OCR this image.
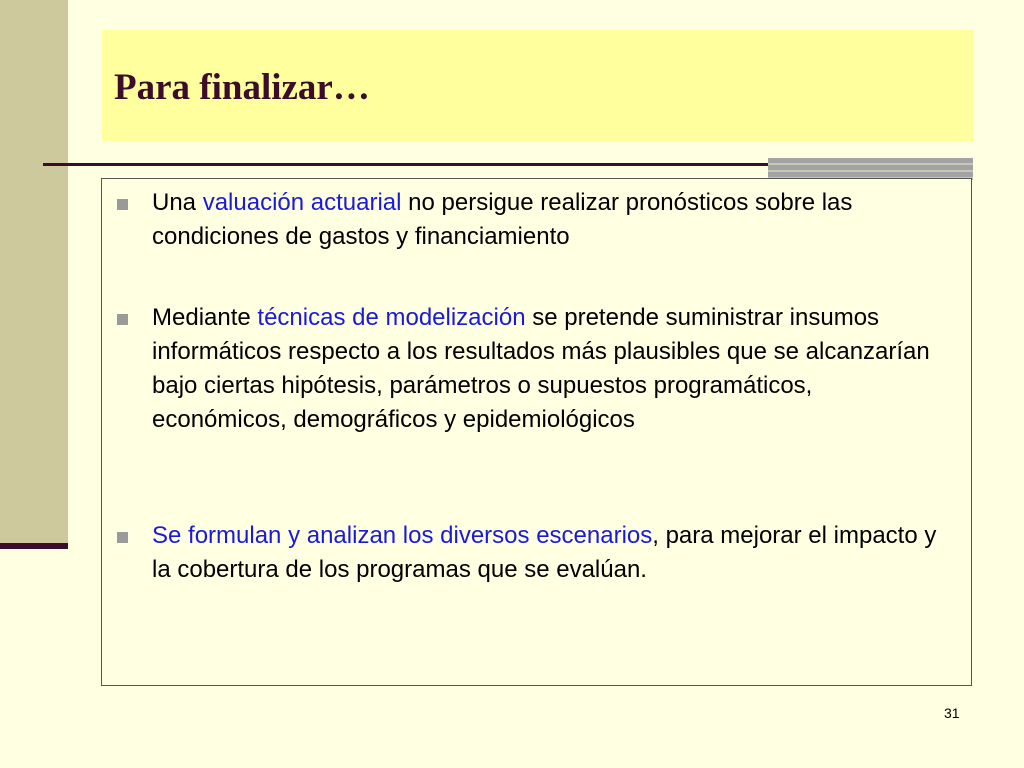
Para finalizar…
Una valuación actuarial no persigue realizar pronósticos sobre las condiciones de gastos y financiamiento
Mediante técnicas de modelización se pretende suministrar insumos informáticos respecto a los resultados más plausibles que se alcanzarían bajo ciertas hipótesis, parámetros o supuestos programáticos, económicos, demográficos y epidemiológicos
Se formulan y analizan los diversos escenarios, para mejorar el impacto y la cobertura de los programas que se evalúan.
31
